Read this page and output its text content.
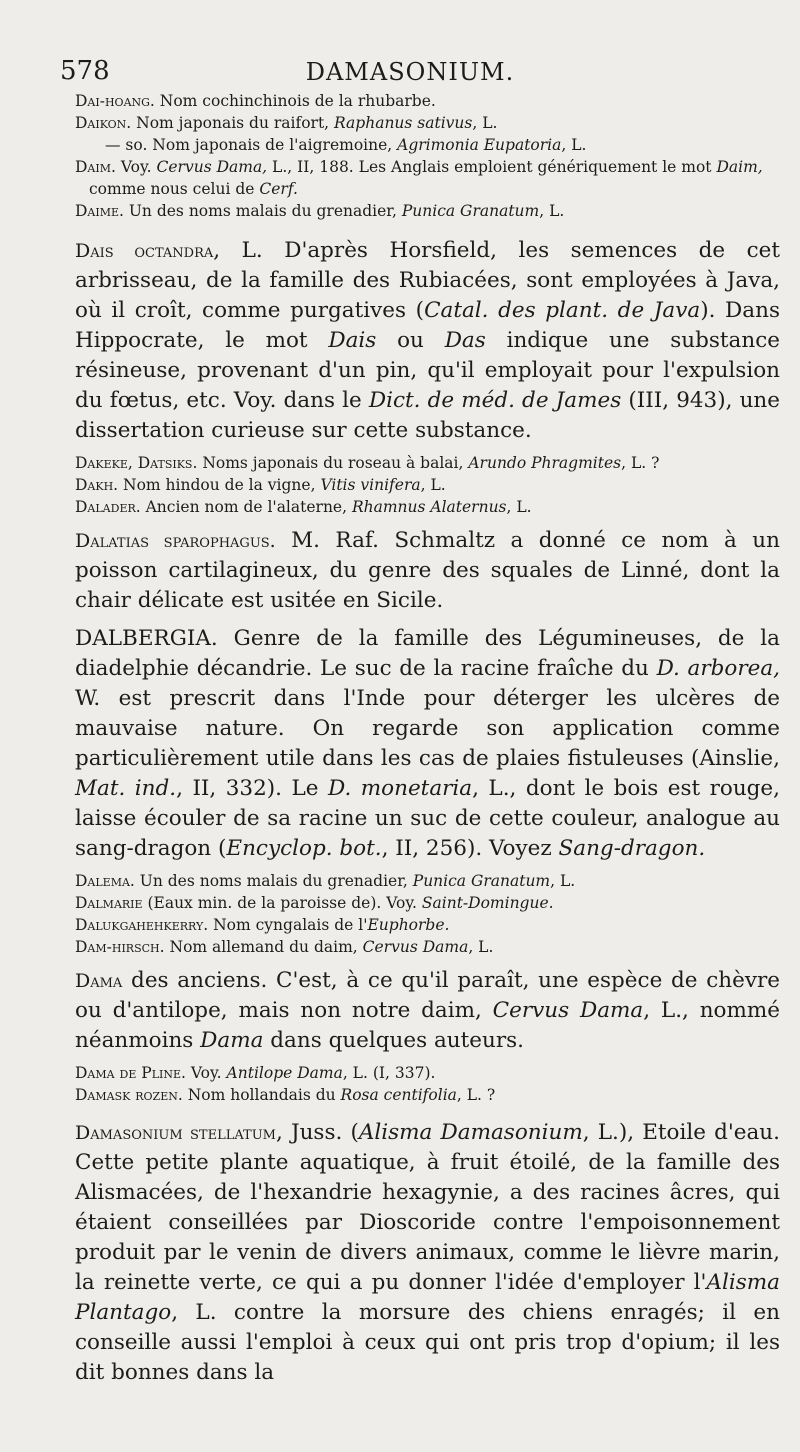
578	DAMASONIUM.

Dai-hoang. Nom cochinchinois de la rhubarbe.

Daikon. Nom japonais du raifort, Raphanus sativus, L.

— so. Nom japonais de l'aigremoine, Agrimonia Eupatoria, L.

Daim. Voy. Cervus Dama, L., II, 188. Les Anglais emploient génériquement le mot Daim, comme nous celui de Cerf.

Daime. Un des noms malais du grenadier, Punica Granatum, L.

Dais octandra, L. D'après Horsfield, les semences de cet arbrisseau, de la famille des Rubiacées, sont employées à Java, où il croît, comme purgatives (Catal. des plant. de Java). Dans Hippocrate, le mot Dais ou Das indique une substance résineuse, provenant d'un pin, qu'il employait pour l'expulsion du fœtus, etc. Voy. dans le Dict. de méd. de James (III, 943), une dissertation curieuse sur cette substance.

Dakeke, Datsiks. Noms japonais du roseau à balai, Arundo Phragmites, L. ?

Dakh. Nom hindou de la vigne, Vitis vinifera, L.

Dalader. Ancien nom de l'alaterne, Rhamnus Alaternus, L.

Dalatias sparophagus. M. Raf. Schmaltz a donné ce nom à un poisson cartilagineux, du genre des squales de Linné, dont la chair délicate est usitée en Sicile.

DALBERGIA. Genre de la famille des Légumineuses, de la diadelphie décandrie. Le suc de la racine fraîche du D. arborea, W. est prescrit dans l'Inde pour déterger les ulcères de mauvaise nature. On regarde son application comme particulièrement utile dans les cas de plaies fistuleuses (Ainslie, Mat. ind., II, 332). Le D. monetaria, L., dont le bois est rouge, laisse écouler de sa racine un suc de cette couleur, analogue au sang-dragon (Encyclop. bot., II, 256). Voyez Sang-dragon.

Dalema. Un des noms malais du grenadier, Punica Granatum, L.

Dalmarie (Eaux min. de la paroisse de). Voy. Saint-Domingue.

Dalukgahehkerry. Nom cyngalais de l'Euphorbe.

Dam-hirsch. Nom allemand du daim, Cervus Dama, L.

Dama des anciens. C'est, à ce qu'il paraît, une espèce de chèvre ou d'antilope, mais non notre daim, Cervus Dama, L., nommé néanmoins Dama dans quelques auteurs.

Dama de Pline. Voy. Antilope Dama, L. (I, 337).

Damask rozen. Nom hollandais du Rosa centifolia, L. ?

Damasonium stellatum, Juss. (Alisma Damasonium, L.), Etoile d'eau. Cette petite plante aquatique, à fruit étoilé, de la famille des Alismacées, de l'hexandrie hexagynie, a des racines âcres, qui étaient conseillées par Dioscoride contre l'empoisonnement produit par le venin de divers animaux, comme le lièvre marin, la reinette verte, ce qui a pu donner l'idée d'employer l'Alisma Plantago, L. contre la morsure des chiens enragés; il en conseille aussi l'emploi à ceux qui ont pris trop d'opium; il les dit bonnes dans la
